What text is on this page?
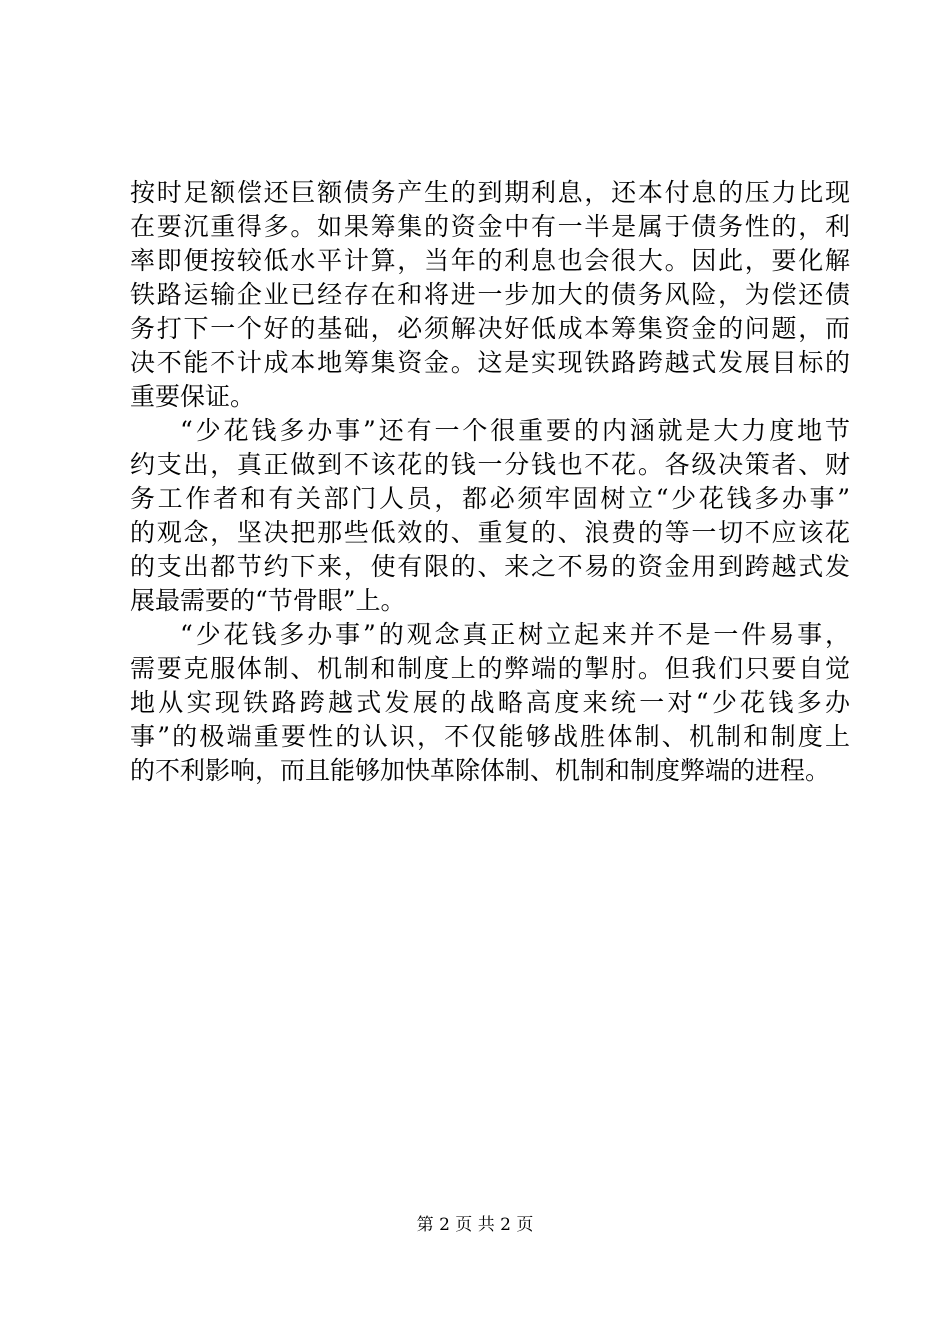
按时足额偿还巨额债务产生的到期利息，还本付息的压力比现
在要沉重得多。如果筹集的资金中有一半是属于债务性的，利
率即便按较低水平计算，当年的利息也会很大。因此，要化解
铁路运输企业已经存在和将进一步加大的债务风险，为偿还债
务打下一个好的基础，必须解决好低成本筹集资金的问题，而
决不能不计成本地筹集资金。这是实现铁路跨越式发展目标的
重要保证。
“少花钱多办事”还有一个很重要的内涵就是大力度地节
约支出，真正做到不该花的钱一分钱也不花。各级决策者、财
务工作者和有关部门人员，都必须牢固树立“少花钱多办事”
的观念，坚决把那些低效的、重复的、浪费的等一切不应该花
的支出都节约下来，使有限的、来之不易的资金用到跨越式发
展最需要的“节骨眼”上。
“少花钱多办事”的观念真正树立起来并不是一件易事，
需要克服体制、机制和制度上的弊端的掣肘。但我们只要自觉
地从实现铁路跨越式发展的战略高度来统一对“少花钱多办
事”的极端重要性的认识，不仅能够战胜体制、机制和制度上
的不利影响，而且能够加快革除体制、机制和制度弊端的进程。
第 2 页 共 2 页
